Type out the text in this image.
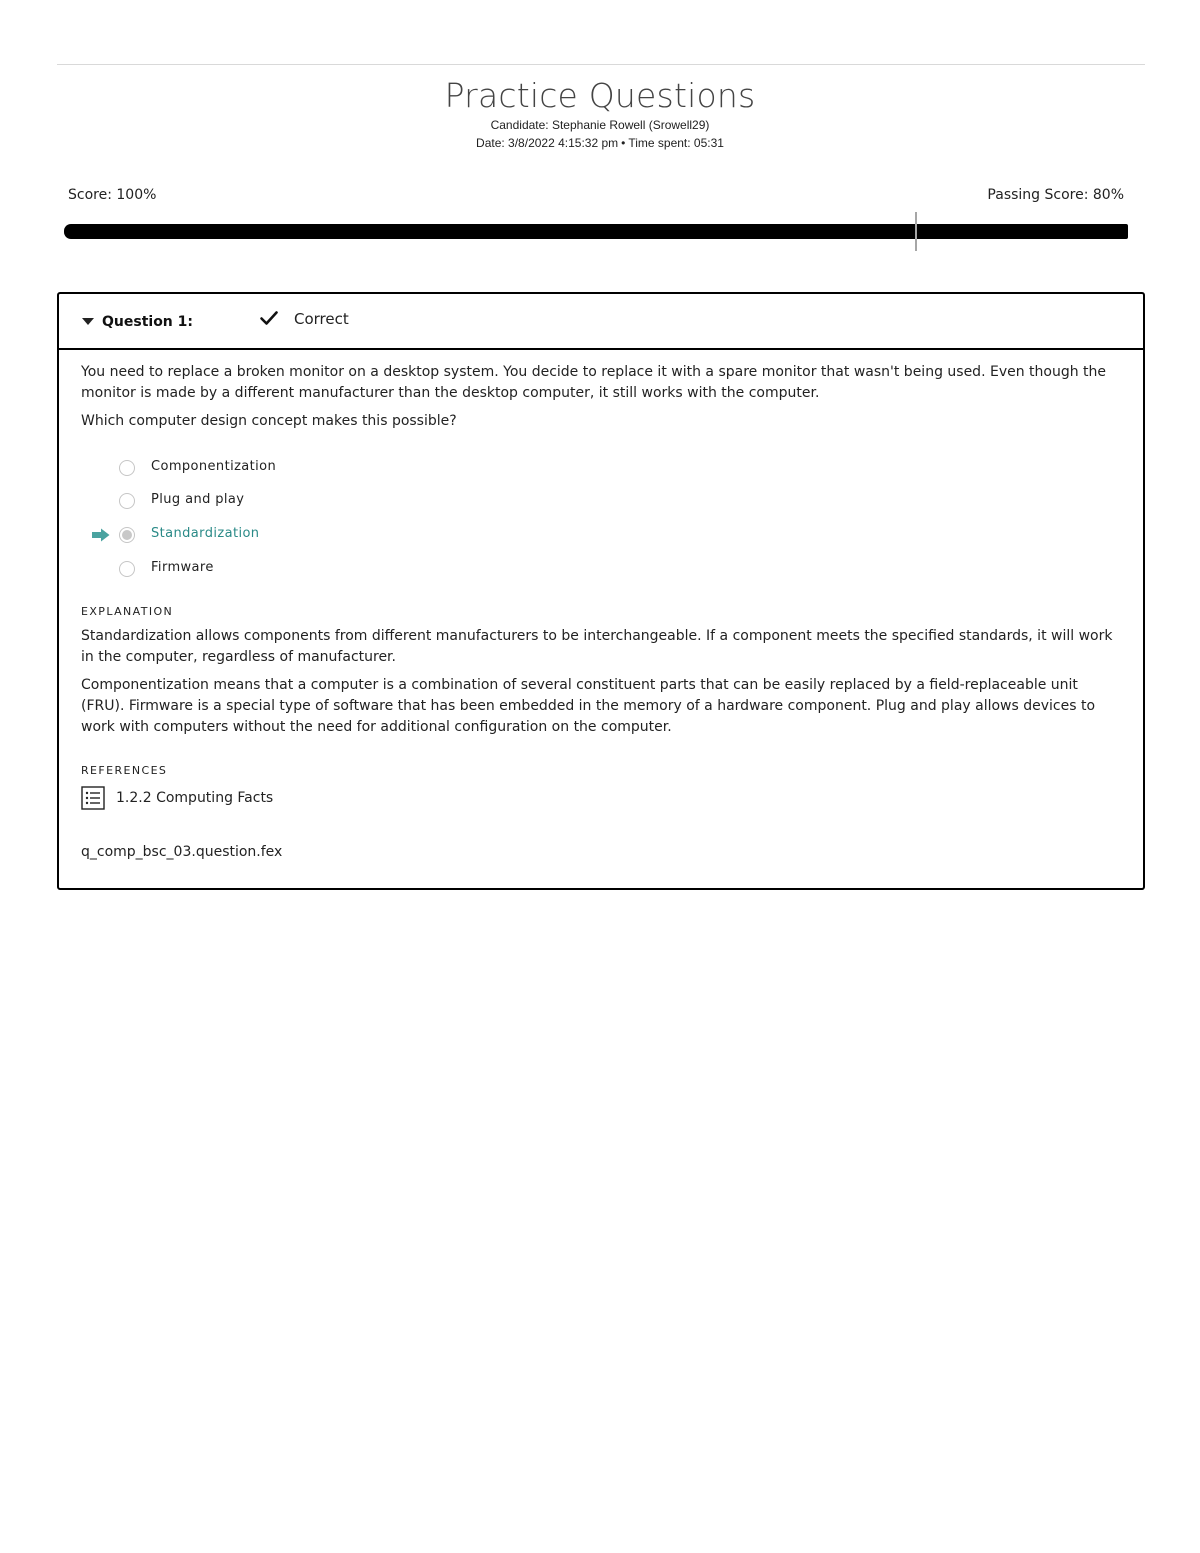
Practice Questions
Candidate: Stephanie Rowell (Srowell29)
Date: 3/8/2022 4:15:32 pm • Time spent: 05:31
Score: 100%	Passing Score: 80%
Question 1:	Correct

You need to replace a broken monitor on a desktop system. You decide to replace it with a spare monitor that wasn't being used. Even though the monitor is made by a different manufacturer than the desktop computer, it still works with the computer.

Which computer design concept makes this possible?

Componentization
Plug and play
Standardization
Firmware
EXPLANATION

Standardization allows components from different manufacturers to be interchangeable. If a component meets the specified standards, it will work in the computer, regardless of manufacturer.

Componentization means that a computer is a combination of several constituent parts that can be easily replaced by a field-replaceable unit (FRU). Firmware is a special type of software that has been embedded in the memory of a hardware component. Plug and play allows devices to work with computers without the need for additional configuration on the computer.

REFERENCES
1.2.2 Computing Facts
q_comp_bsc_03.question.fex
